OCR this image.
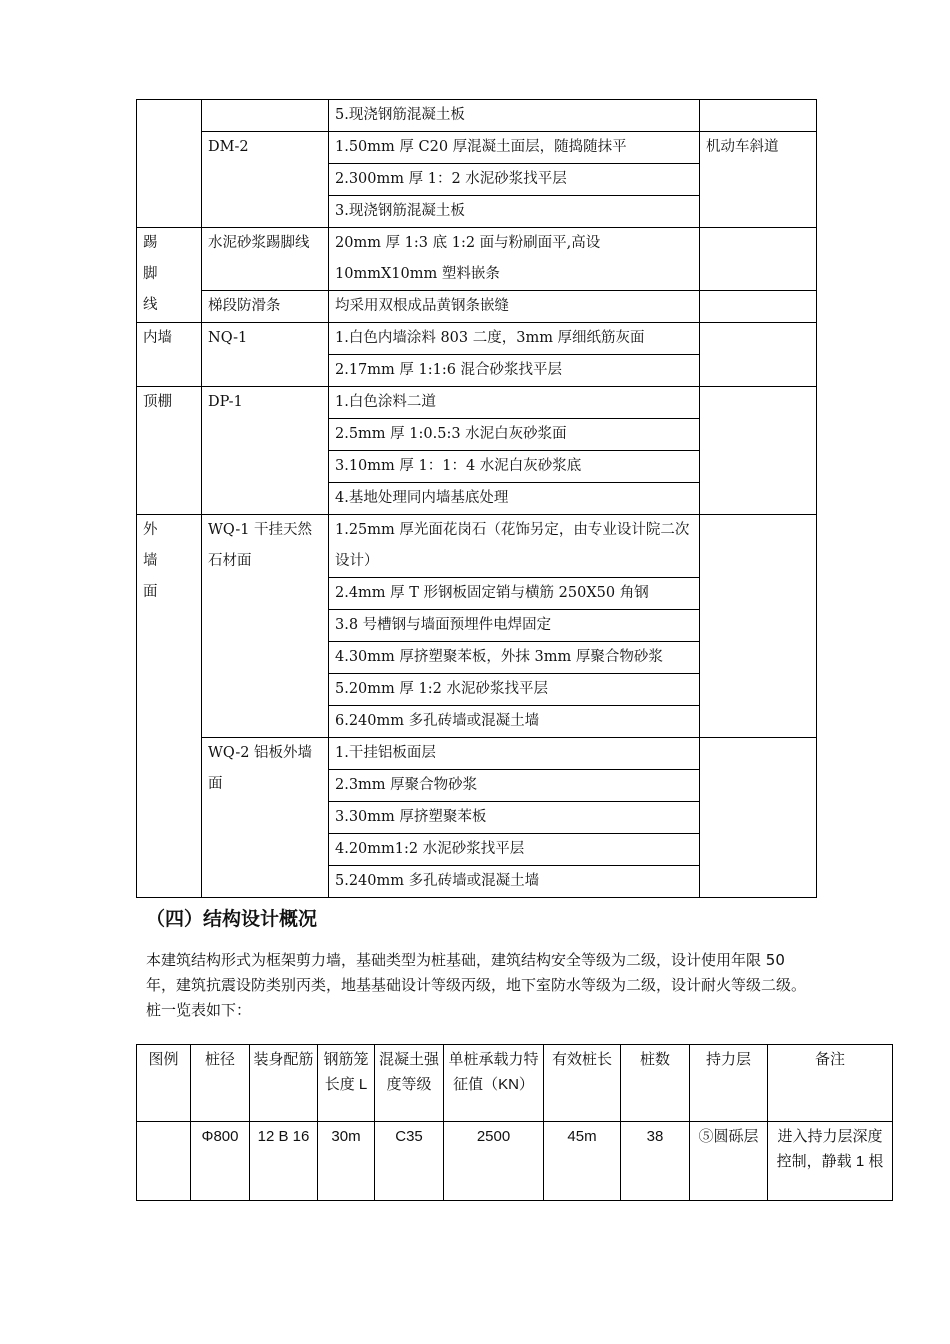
		5.现浇钢筋混凝土板	
	DM-2	1.50mm 厚 C20 厚混凝土面层，随捣随抹平	机动车斜道
		2.300mm 厚 1：2 水泥砂浆找平层	
		3.现浇钢筋混凝土板	
踢脚线	水泥砂浆踢脚线	20mm 厚 1:3 底 1:2 面与粉刷面平,高设 10mmX10mm 塑料嵌条	
	梯段防滑条	均采用双根成品黄钢条嵌缝	
内墙	NQ-1	1.白色内墙涂料 803 二度，3mm 厚细纸筋灰面	
		2.17mm 厚 1:1:6 混合砂浆找平层	
顶棚	DP-1	1.白色涂料二道	
		2.5mm 厚 1:0.5:3 水泥白灰砂浆面	
		3.10mm 厚 1：1：4 水泥白灰砂浆底	
		4.基地处理同内墙基底处理	
外墙面	WQ-1 干挂天然石材面	1.25mm 厚光面花岗石（花饰另定，由专业设计院二次设计）	
		2.4mm 厚 T 形钢板固定销与横筋 250X50 角钢	
		3.8 号槽钢与墙面预埋件电焊固定	
		4.30mm 厚挤塑聚苯板，外抹 3mm 厚聚合物砂浆	
		5.20mm 厚 1:2 水泥砂浆找平层	
		6.240mm 多孔砖墙或混凝土墙	
	WQ-2 铝板外墙面	1.干挂铝板面层	
		2.3mm 厚聚合物砂浆	
		3.30mm 厚挤塑聚苯板	
		4.20mm1:2 水泥砂浆找平层	
		5.240mm 多孔砖墙或混凝土墙	
（四）结构设计概况
本建筑结构形式为框架剪力墙，基础类型为桩基础，建筑结构安全等级为二级，设计使用年限 50 年，建筑抗震设防类别丙类，地基基础设计等级丙级，地下室防水等级为二级，设计耐火等级二级。
桩一览表如下：
图例	桩径	装身配筋	钢筋笼长度 L	混凝土强度等级	单桩承载力特征值（KN）	有效桩长	桩数	持力层	备注
	Φ800	12 B 16	30m	C35	2500	45m	38	⑤圆砾层	进入持力层深度控制，静载 1 根
